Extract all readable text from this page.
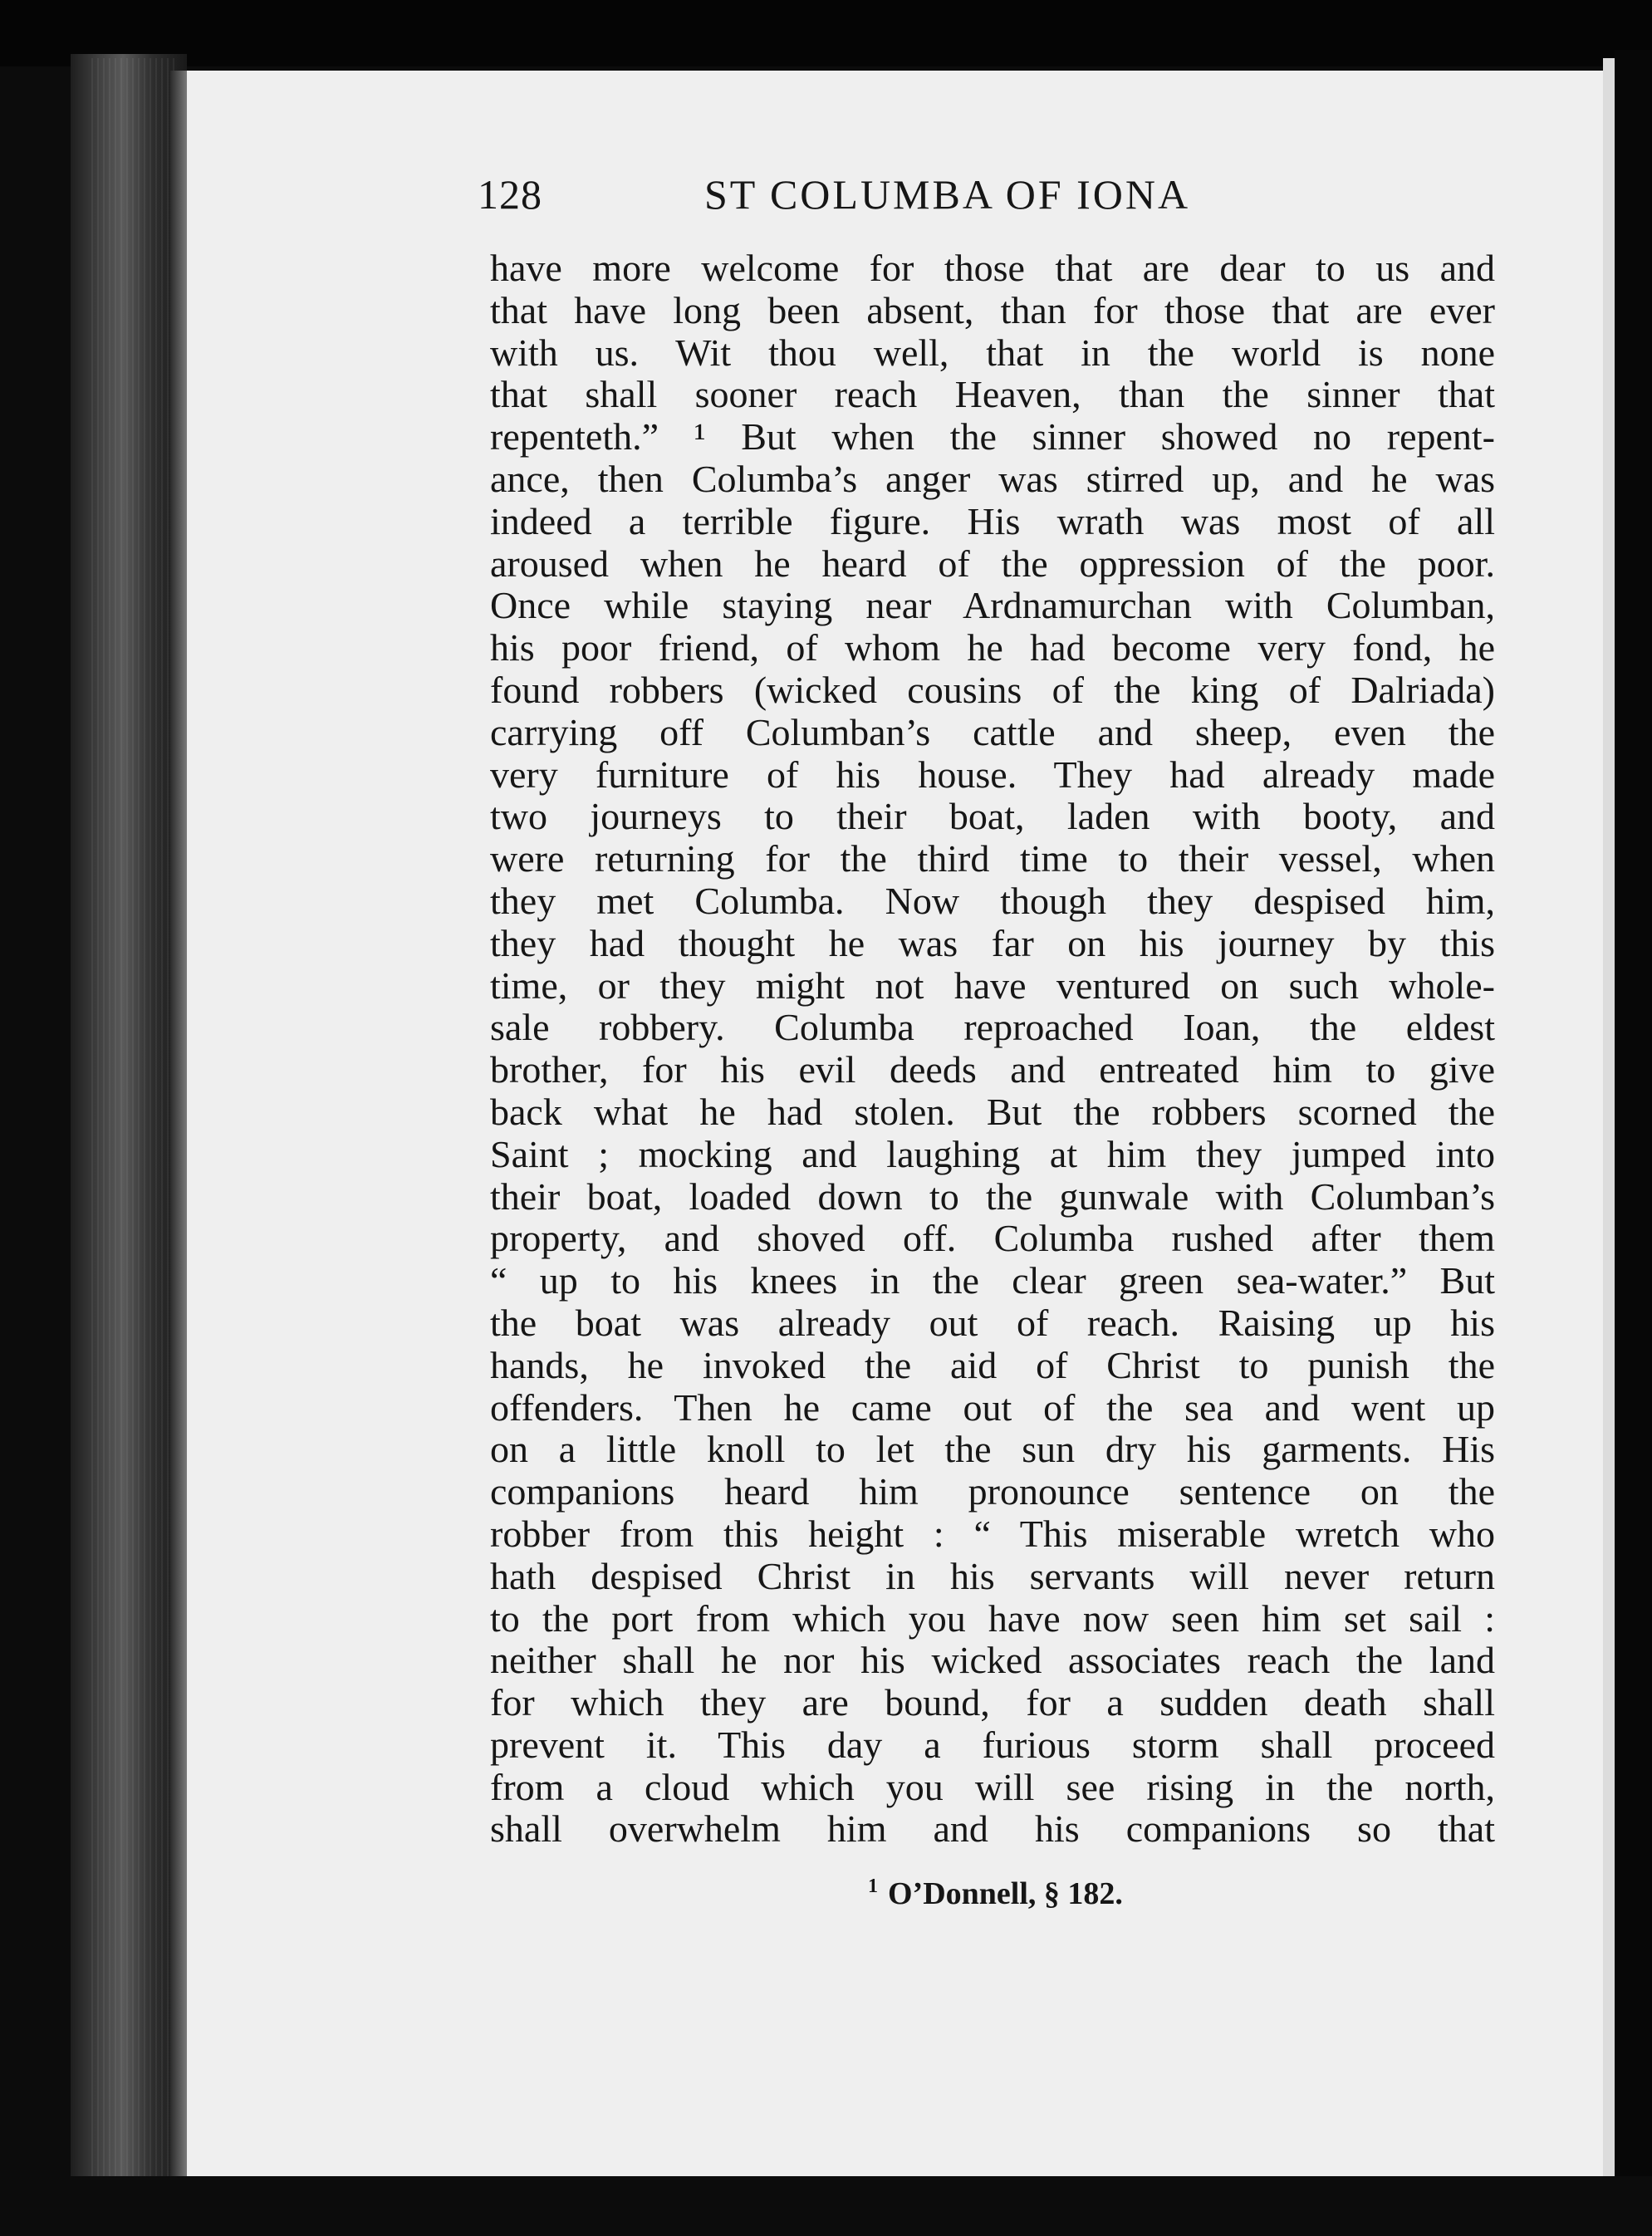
128	ST COLUMBA OF IONA
have more welcome for those that are dear to us and
that have long been absent, than for those that are ever
with us. Wit thou well, that in the world is none
that shall sooner reach Heaven, than the sinner that
repenteth.” ¹ But when the sinner showed no repent-
ance, then Columba’s anger was stirred up, and he was
indeed a terrible figure. His wrath was most of all
aroused when he heard of the oppression of the poor.
Once while staying near Ardnamurchan with Columban,
his poor friend, of whom he had become very fond, he
found robbers (wicked cousins of the king of Dalriada)
carrying off Columban’s cattle and sheep, even the
very furniture of his house. They had already made
two journeys to their boat, laden with booty, and
were returning for the third time to their vessel, when
they met Columba. Now though they despised him,
they had thought he was far on his journey by this
time, or they might not have ventured on such whole-
sale robbery. Columba reproached Ioan, the eldest
brother, for his evil deeds and entreated him to give
back what he had stolen. But the robbers scorned the
Saint ; mocking and laughing at him they jumped into
their boat, loaded down to the gunwale with Columban’s
property, and shoved off. Columba rushed after them
“ up to his knees in the clear green sea-water.” But
the boat was already out of reach. Raising up his
hands, he invoked the aid of Christ to punish the
offenders. Then he came out of the sea and went up
on a little knoll to let the sun dry his garments. His
companions heard him pronounce sentence on the
robber from this height : “ This miserable wretch who
hath despised Christ in his servants will never return
to the port from which you have now seen him set sail :
neither shall he nor his wicked associates reach the land
for which they are bound, for a sudden death shall
prevent it. This day a furious storm shall proceed
from a cloud which you will see rising in the north,
shall overwhelm him and his companions so that
$^1$ O’Donnell, § 182.
